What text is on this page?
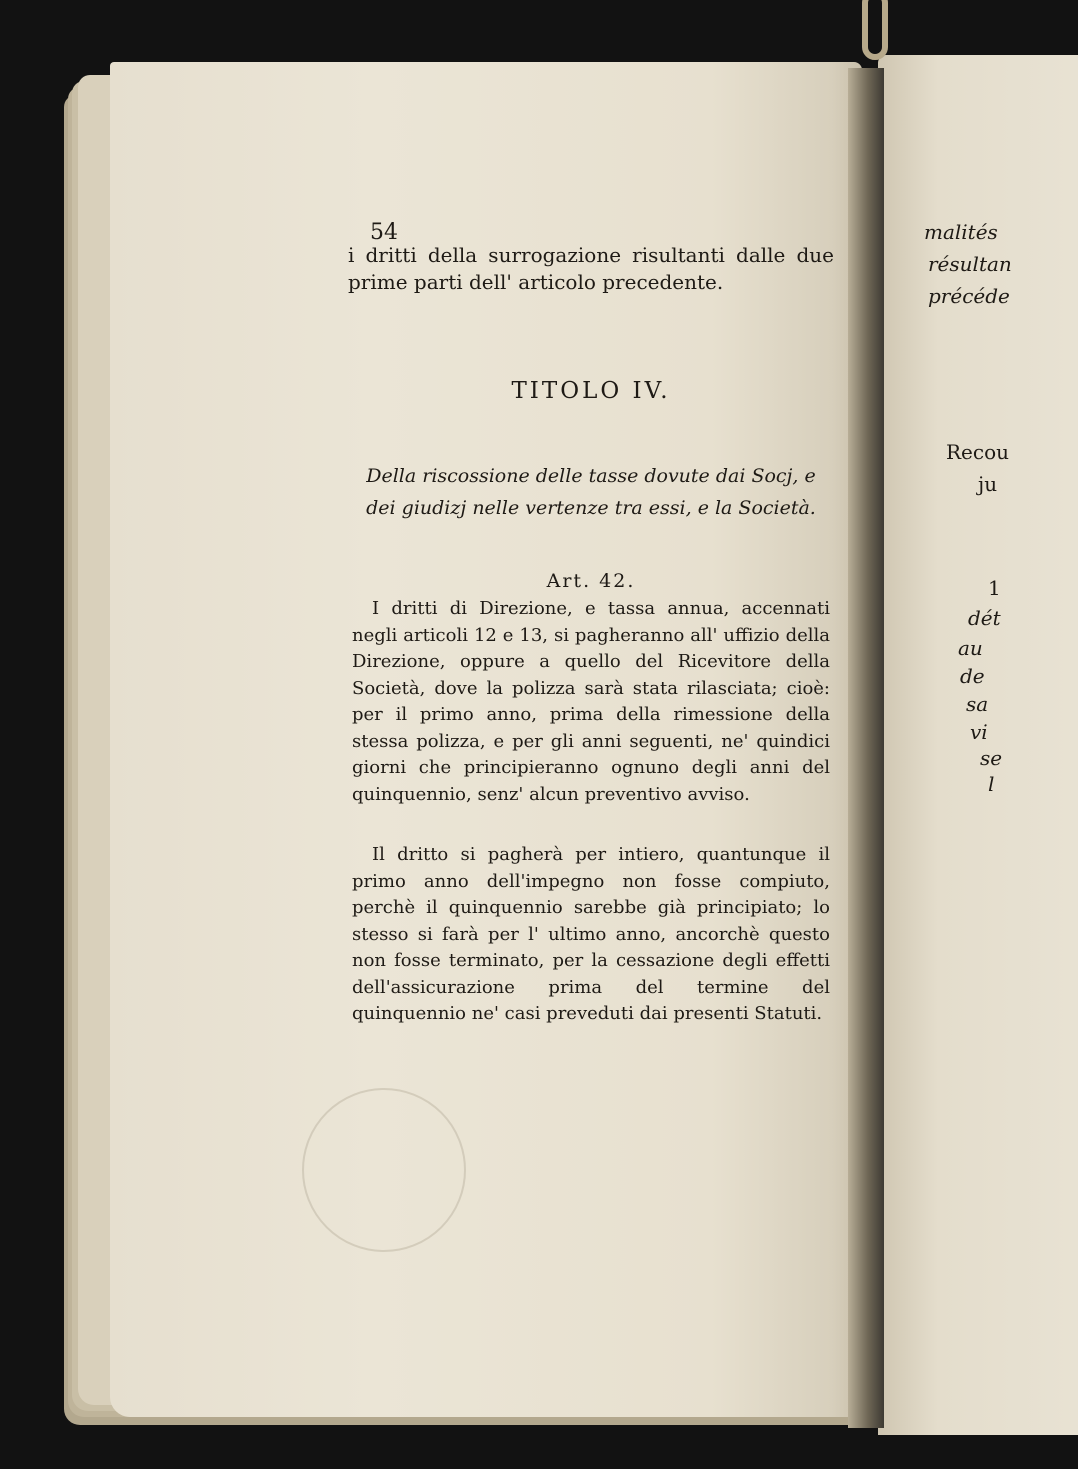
54
i dritti della surrogazione risultanti dalle due prime parti dell' articolo precedente.
TITOLO IV.
Della riscossione delle tasse dovute dai Socj, e
dei giudizj nelle vertenze tra essi, e la Società.
Art. 42.
I dritti di Direzione, e tassa annua, accennati negli articoli 12 e 13, si pagheranno all' uffizio della Direzione, oppure a quello del Ricevitore della Società, dove la polizza sarà stata rilasciata; cioè: per il primo anno, prima della rimessione della stessa polizza, e per gli anni seguenti, ne' quindici giorni che principieranno ognuno degli anni del quinquennio, senz' alcun preventivo avviso.
Il dritto si pagherà per intiero, quantunque il primo anno dell'impegno non fosse compiuto, perchè il quinquennio sarebbe già principiato; lo stesso si farà per l' ultimo anno, ancorchè questo non fosse terminato, per la cessazione degli effetti dell'assicurazione prima del termine del quinquennio ne' casi preveduti dai presenti Statuti.
malités
résultan
précéde
Recou
ju
1
dét
au
de
sa
vi
se
l
